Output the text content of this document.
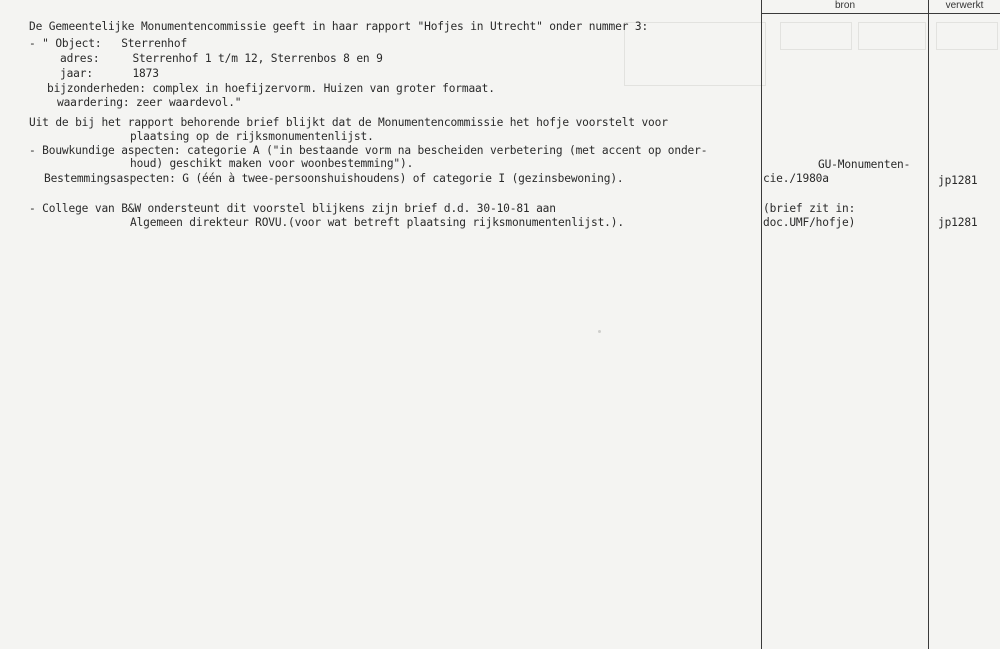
bron	verwerkt
De Gemeentelijke Monumentencommissie geeft in haar rapport "Hofjes in Utrecht" onder nummer 3:
- " Object:   Sterrenhof
adres:     Sterrenhof 1 t/m 12, Sterrenbos 8 en 9
jaar:      1873
bijzonderheden: complex in hoefijzervorm. Huizen van groter formaat.
waardering: zeer waardevol."
Uit de bij het rapport behorende brief blijkt dat de Monumentencommissie het hofje voorstelt voor
plaatsing op de rijksmonumentenlijst.
- Bouwkundige aspecten: categorie A ("in bestaande vorm na bescheiden verbetering (met accent op onder-
houd) geschikt maken voor woonbestemming").
Bestemmingsaspecten: G (één à twee-persoonshuishoudens) of categorie I (gezinsbewoning).
- College van B&W ondersteunt dit voorstel blijkens zijn brief d.d. 30-10-81 aan
Algemeen direkteur ROVU.(voor wat betreft plaatsing rijksmonumentenlijst.).
GU-Monumenten-
cie./1980a
(brief zit in:
doc.UMF/hofje)
jp1281
jp1281
